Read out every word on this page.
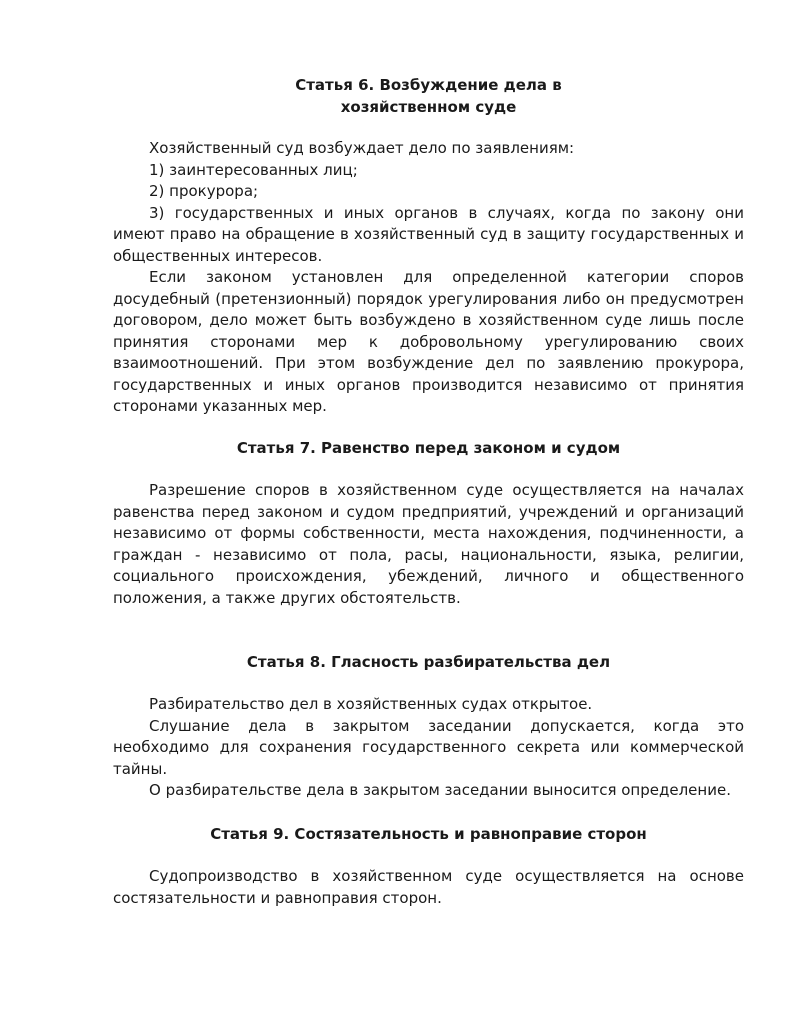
Статья 6. Возбуждение дела в
хозяйственном суде

Хозяйственный суд возбуждает дело по заявлениям:

1) заинтересованных лиц;

2) прокурора;

3) государственных и иных органов в случаях, когда по закону они имеют право на обращение в хозяйственный суд в защиту государственных и общественных интересов.

Если законом установлен для определенной категории споров досудебный (претензионный) порядок урегулирования либо он предусмотрен договором, дело может быть возбуждено в хозяйственном суде лишь после принятия сторонами мер к добровольному урегулированию своих взаимоотношений. При этом возбуждение дел по заявлению прокурора, государственных и иных органов производится независимо от принятия сторонами указанных мер.

Статья 7. Равенство перед законом и судом

Разрешение споров в хозяйственном суде осуществляется на началах равенства перед законом и судом предприятий, учреждений и организаций независимо от формы собственности, места нахождения, подчиненности, а граждан - независимо от пола, расы, национальности, языка, религии, социального происхождения, убеждений, личного и общественного положения, а также других обстоятельств.

Статья 8. Гласность разбирательства дел

Разбирательство дел в хозяйственных судах открытое.

Слушание дела в закрытом заседании допускается, когда это необходимо для сохранения государственного секрета или коммерческой тайны.

О разбирательстве дела в закрытом заседании выносится определение.

Статья 9. Состязательность и равноправие сторон

Судопроизводство в хозяйственном суде осуществляется на основе состязательности и равноправия сторон.
